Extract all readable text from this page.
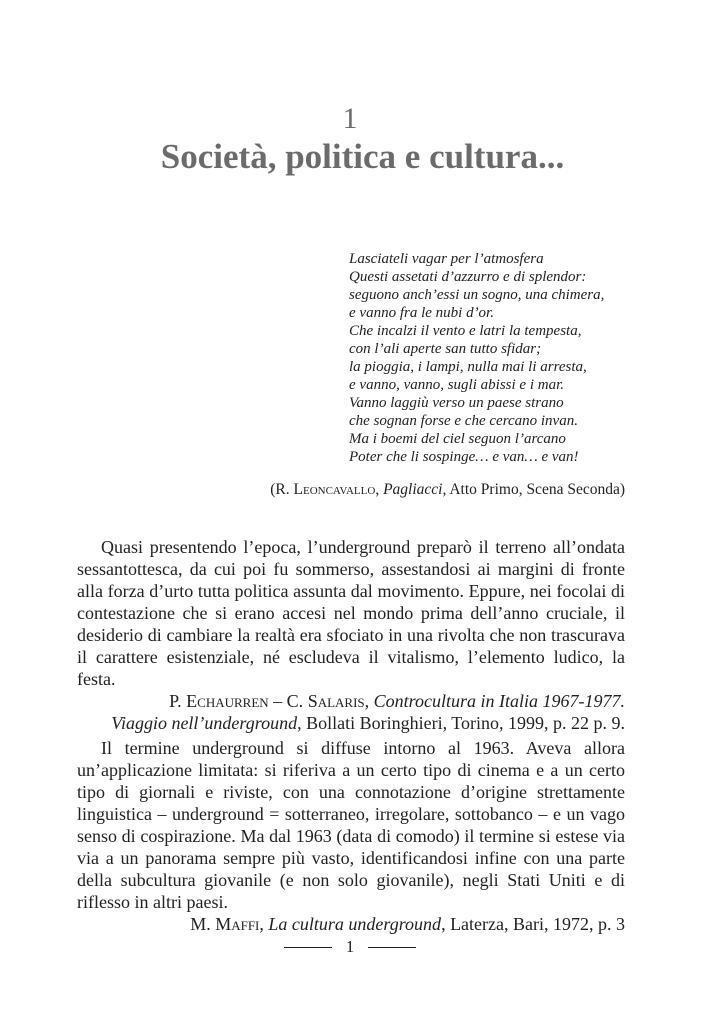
1
Società, politica e cultura...
Lasciateli vagar per l’atmosfera
Questi assetati d’azzurro e di splendor:
seguono anch’essi un sogno, una chimera,
e vanno fra le nubi d’or.
Che incalzi il vento e latri la tempesta,
con l’ali aperte san tutto sfidar;
la pioggia, i lampi, nulla mai li arresta,
e vanno, vanno, sugli abissi e i mar.
Vanno laggiù verso un paese strano
che sognan forse e che cercano invan.
Ma i boemi del ciel seguon l’arcano
Poter che li sospinge… e van… e van!
(R. Leoncavallo, Pagliacci, Atto Primo, Scena Seconda)

Quasi presentendo l’epoca, l’underground preparò il terreno all’ondata sessantottesca, da cui poi fu sommerso, assestandosi ai margini di fronte alla forza d’urto tutta politica assunta dal movimento. Eppure, nei focolai di contestazione che si erano accesi nel mondo prima dell’anno cruciale, il desiderio di cambiare la realtà era sfociato in una rivolta che non trascurava il carattere esistenziale, né escludeva il vitalismo, l’elemento ludico, la festa.

P. Echaurren – C. Salaris, Controcultura in Italia 1967-1977.
Viaggio nell’underground, Bollati Boringhieri, Torino, 1999, p. 22 p. 9.

Il termine underground si diffuse intorno al 1963. Aveva allora un’applicazione limitata: si riferiva a un certo tipo di cinema e a un certo tipo di giornali e riviste, con una connotazione d’origine strettamente linguistica – underground = sotterraneo, irregolare, sottobanco – e un vago senso di cospirazione. Ma dal 1963 (data di comodo) il termine si estese via via a un panorama sempre più vasto, identificandosi infine con una parte della subcultura giovanile (e non solo giovanile), negli Stati Uniti e di riflesso in altri paesi.

M. Maffi, La cultura underground, Laterza, Bari, 1972, p. 3
1
